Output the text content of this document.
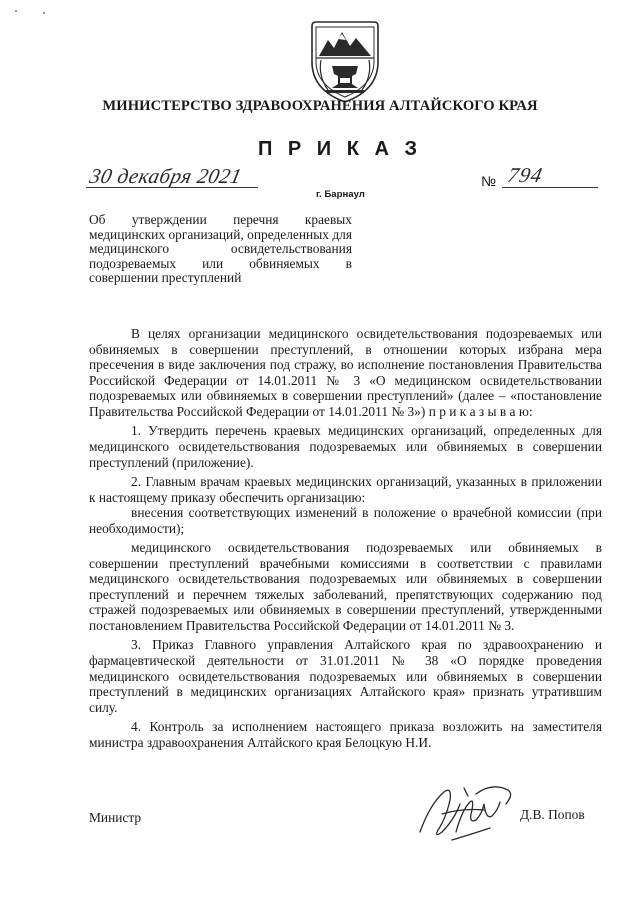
МИНИСТЕРСТВО ЗДРАВООХРАНЕНИЯ АЛТАЙСКОГО КРАЯ
П Р И К А З
30 декабря 2021
г. Барнаул
№ 794
Об утверждении перечня краевых медицинских организаций, определенных для медицинского освидетельствования подозреваемых или обвиняемых в совершении преступлений

В целях организации медицинского освидетельствования подозреваемых или обвиняемых в совершении преступлений, в отношении которых избрана мера пресечения в виде заключения под стражу, во исполнение постановления Правительства Российской Федерации от 14.01.2011 № 3 «О медицинском освидетельствовании подозреваемых или обвиняемых в совершении преступлений» (далее – «постановление Правительства Российской Федерации от 14.01.2011 № 3») п р и к а з ы в а ю:

1. Утвердить перечень краевых медицинских организаций, определенных для медицинского освидетельствования подозреваемых или обвиняемых в совершении преступлений (приложение).

2. Главным врачам краевых медицинских организаций, указанных в приложении к настоящему приказу обеспечить организацию:

внесения соответствующих изменений в положение о врачебной комиссии (при необходимости);

медицинского освидетельствования подозреваемых или обвиняемых в совершении преступлений врачебными комиссиями в соответствии с правилами медицинского освидетельствования подозреваемых или обвиняемых в совершении преступлений и перечнем тяжелых заболеваний, препятствующих содержанию под стражей подозреваемых или обвиняемых в совершении преступлений, утвержденными постановлением Правительства Российской Федерации от 14.01.2011 № 3.

3. Приказ Главного управления Алтайского края по здравоохранению и фармацевтической деятельности от 31.01.2011 № 38 «О порядке проведения медицинского освидетельствования подозреваемых или обвиняемых в совершении преступлений в медицинских организациях Алтайского края» признать утратившим силу.

4. Контроль за исполнением настоящего приказа возложить на заместителя министра здравоохранения Алтайского края Белоцкую Н.И.

Министр	Д.В. Попов
